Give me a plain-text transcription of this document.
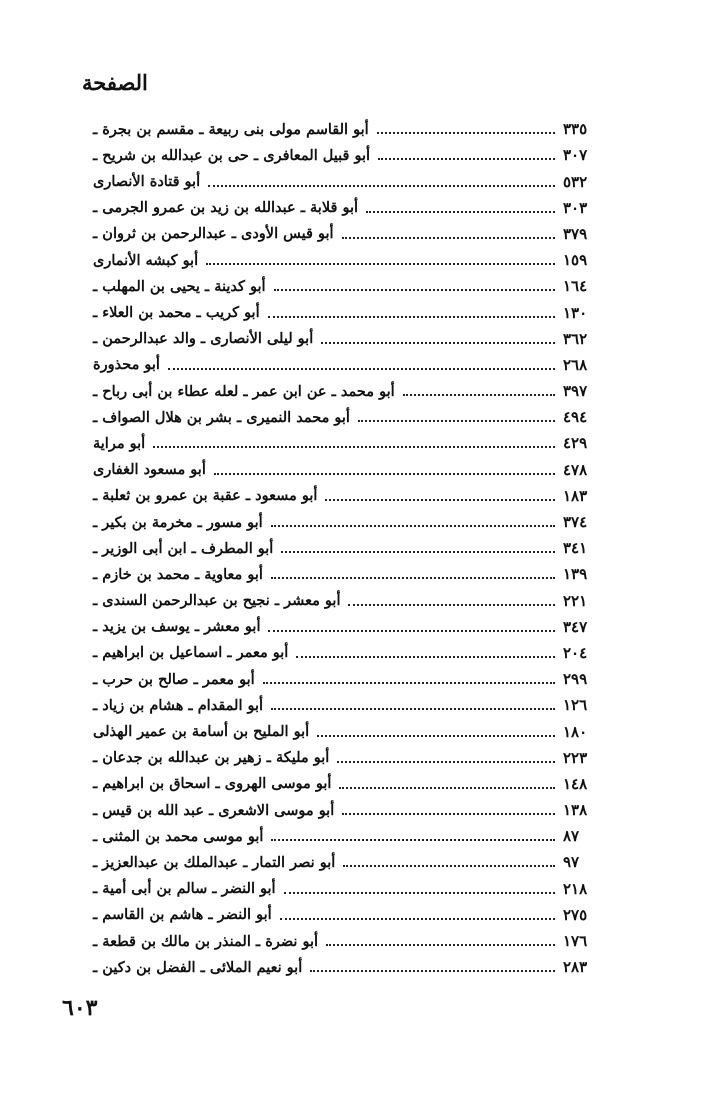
الصفحة
أبو القاسم مولى بنى ربيعة ـ مقسم بن بجرة ـ	٣٣٥
أبو قبيل المعافرى ـ حى بن عبدالله بن شريح ـ	٣٠٧
أبو قتادة الأنصارى	٥٣٢
أبو قلابة ـ عبدالله بن زيد بن عمرو الجرمى ـ	٣٠٣
أبو قيس الأودى ـ عبدالرحمن بن ثروان ـ	٣٧٩
أبو كبشه الأنمارى	١٥٩
أبو كدينة ـ يحيى بن المهلب ـ	١٦٤
أبو كريب ـ محمد بن العلاء ـ	١٣٠
أبو ليلى الأنصارى ـ والد عبدالرحمن ـ	٣٦٢
أبو محذورة	٢٦٨
أبو محمد ـ عن ابن عمر ـ لعله عطاء بن أبى رباح ـ	٣٩٧
أبو محمد النميرى ـ بشر بن هلال الصواف ـ	٤٩٤
أبو مراية	٤٢٩
أبو مسعود الغفارى	٤٧٨
أبو مسعود ـ عقبة بن عمرو بن ثعلبة ـ	١٨٣
أبو مسور ـ مخرمة بن بكير ـ	٣٧٤
أبو المطرف ـ ابن أبى الوزير ـ	٣٤١
أبو معاوية ـ محمد بن خازم ـ	١٣٩
أبو معشر ـ نجيح بن عبدالرحمن السندى ـ	٢٢١
أبو معشر ـ يوسف بن يزيد ـ	٣٤٧
أبو معمر ـ اسماعيل بن ابراهيم ـ	٢٠٤
أبو معمر ـ صالح بن حرب ـ	٢٩٩
أبو المقدام ـ هشام بن زياد ـ	١٢٦
أبو المليح بن أسامة بن عمير الهذلى	١٨٠
أبو مليكة ـ زهير بن عبدالله بن جدعان ـ	٢٢٣
أبو موسى الهروى ـ اسحاق بن ابراهيم ـ	١٤٨
أبو موسى الاشعرى ـ عبد الله بن قيس ـ	١٣٨
أبو موسى محمد بن المثنى ـ	٨٧
أبو نصر التمار ـ عبدالملك بن عبدالعزيز ـ	٩٧
أبو النضر ـ سالم بن أبى أمية ـ	٢١٨
أبو النضر ـ هاشم بن القاسم ـ	٢٧٥
أبو نضرة ـ المنذر بن مالك بن قطعة ـ	١٧٦
أبو نعيم الملائى ـ الفضل بن دكين ـ	٢٨٣
٦٠٣
